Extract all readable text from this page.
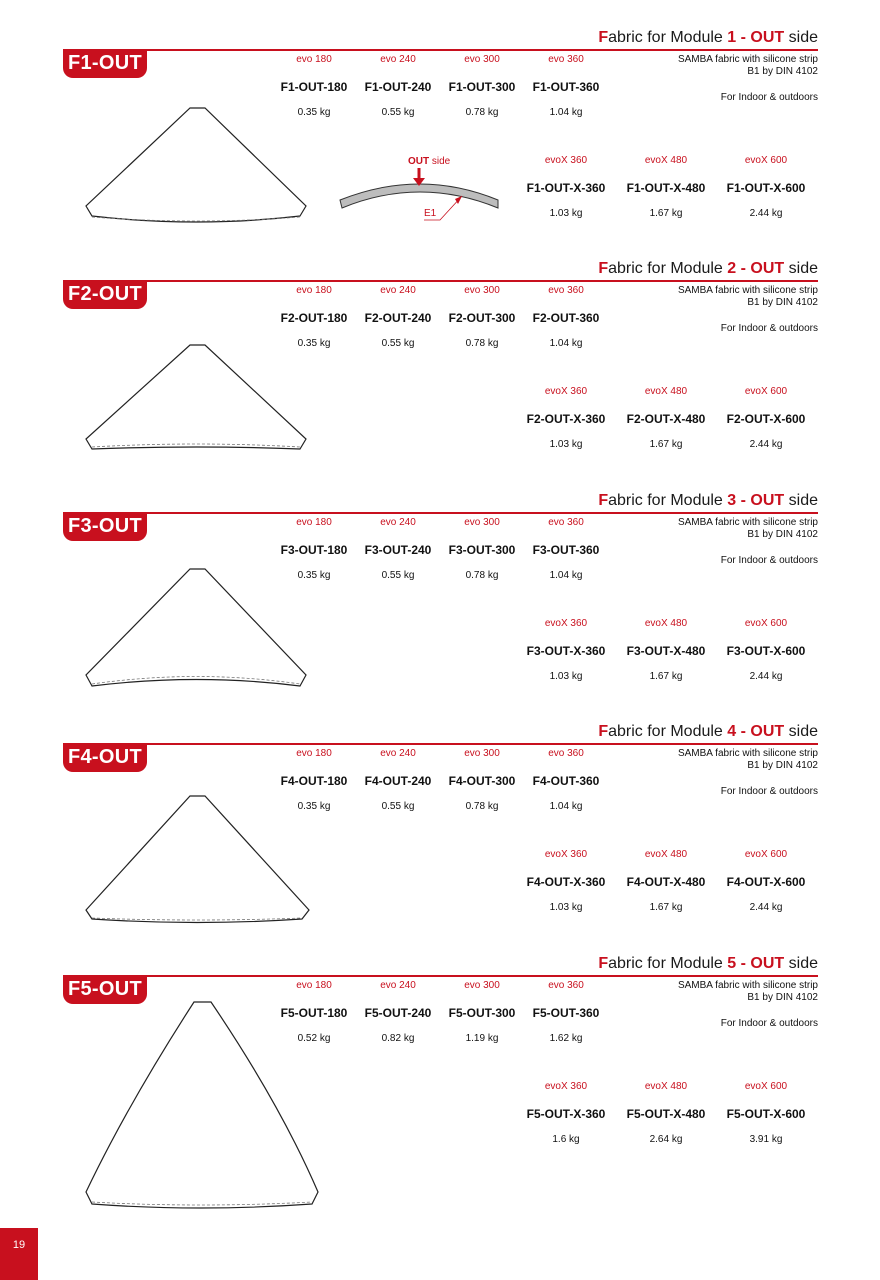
Fabric for Module 1 - OUT side
F1-OUT	SAMBA fabric with silicone strip
B1 by DIN 4102
For Indoor & outdoors
evo 180	evo 240	evo 300	evo 360
F1-OUT-180	F1-OUT-240	F1-OUT-300	F1-OUT-360
0.35 kg	0.55 kg	0.78 kg	1.04 kg
evoX 360	evoX 480	evoX 600
F1-OUT-X-360	F1-OUT-X-480	F1-OUT-X-600
1.03 kg	1.67 kg	2.44 kg
OUT side
E1
Fabric for Module 2 - OUT side
F2-OUT	SAMBA fabric with silicone strip
B1 by DIN 4102
For Indoor & outdoors
evo 180	evo 240	evo 300	evo 360
F2-OUT-180	F2-OUT-240	F2-OUT-300	F2-OUT-360
0.35 kg	0.55 kg	0.78 kg	1.04 kg
evoX 360	evoX 480	evoX 600
F2-OUT-X-360	F2-OUT-X-480	F2-OUT-X-600
1.03 kg	1.67 kg	2.44 kg
Fabric for Module 3 - OUT side
F3-OUT	SAMBA fabric with silicone strip
B1 by DIN 4102
For Indoor & outdoors
evo 180	evo 240	evo 300	evo 360
F3-OUT-180	F3-OUT-240	F3-OUT-300	F3-OUT-360
0.35 kg	0.55 kg	0.78 kg	1.04 kg
evoX 360	evoX 480	evoX 600
F3-OUT-X-360	F3-OUT-X-480	F3-OUT-X-600
1.03 kg	1.67 kg	2.44 kg
Fabric for Module 4 - OUT side
F4-OUT	SAMBA fabric with silicone strip
B1 by DIN 4102
For Indoor & outdoors
evo 180	evo 240	evo 300	evo 360
F4-OUT-180	F4-OUT-240	F4-OUT-300	F4-OUT-360
0.35 kg	0.55 kg	0.78 kg	1.04 kg
evoX 360	evoX 480	evoX 600
F4-OUT-X-360	F4-OUT-X-480	F4-OUT-X-600
1.03 kg	1.67 kg	2.44 kg
Fabric for Module 5 - OUT side
F5-OUT	SAMBA fabric with silicone strip
B1 by DIN 4102
For Indoor & outdoors
evo 180	evo 240	evo 300	evo 360
F5-OUT-180	F5-OUT-240	F5-OUT-300	F5-OUT-360
0.52 kg	0.82 kg	1.19 kg	1.62 kg
evoX 360	evoX 480	evoX 600
F5-OUT-X-360	F5-OUT-X-480	F5-OUT-X-600
1.6 kg	2.64 kg	3.91 kg
19
